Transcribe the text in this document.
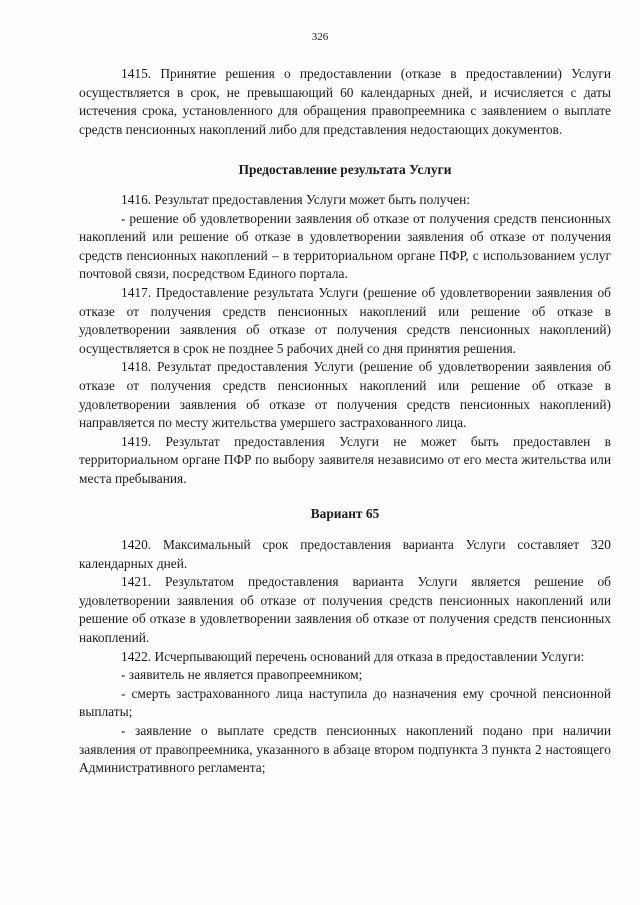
326

1415. Принятие решения о предоставлении (отказе в предоставлении) Услуги осуществляется в срок, не превышающий 60 календарных дней, и исчисляется с даты истечения срока, установленного для обращения правопреемника с заявлением о выплате средств пенсионных накоплений либо для представления недостающих документов.

Предоставление результата Услуги

1416. Результат предоставления Услуги может быть получен:

- решение об удовлетворении заявления об отказе от получения средств пенсионных накоплений или решение об отказе в удовлетворении заявления об отказе от получения средств пенсионных накоплений – в территориальном органе ПФР, с использованием услуг почтовой связи, посредством Единого портала.

1417. Предоставление результата Услуги (решение об удовлетворении заявления об отказе от получения средств пенсионных накоплений или решение об отказе в удовлетворении заявления об отказе от получения средств пенсионных накоплений) осуществляется в срок не позднее 5 рабочих дней со дня принятия решения.

1418. Результат предоставления Услуги (решение об удовлетворении заявления об отказе от получения средств пенсионных накоплений или решение об отказе в удовлетворении заявления об отказе от получения средств пенсионных накоплений) направляется по месту жительства умершего застрахованного лица.

1419. Результат предоставления Услуги не может быть предоставлен в территориальном органе ПФР по выбору заявителя независимо от его места жительства или места пребывания.

Вариант 65

1420. Максимальный срок предоставления варианта Услуги составляет 320 календарных дней.

1421. Результатом предоставления варианта Услуги является решение об удовлетворении заявления об отказе от получения средств пенсионных накоплений или решение об отказе в удовлетворении заявления об отказе от получения средств пенсионных накоплений.

1422. Исчерпывающий перечень оснований для отказа в предоставлении Услуги:

- заявитель не является правопреемником;

- смерть застрахованного лица наступила до назначения ему срочной пенсионной выплаты;

- заявление о выплате средств пенсионных накоплений подано при наличии заявления от правопреемника, указанного в абзаце втором подпункта 3 пункта 2 настоящего Административного регламента;
